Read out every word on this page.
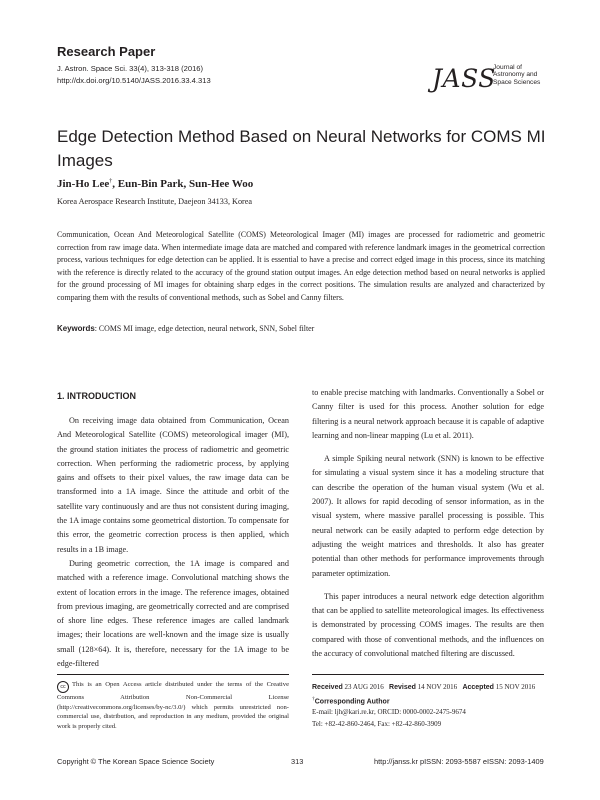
Research Paper
J. Astron. Space Sci. 33(4), 313-318 (2016)
http://dx.doi.org/10.5140/JASS.2016.33.4.313	JASS
Journal of
Astronomy and
Space Sciences
Edge Detection Method Based on Neural Networks for COMS MI Images
Jin-Ho Lee†, Eun-Bin Park, Sun-Hee Woo
Korea Aerospace Research Institute, Daejeon 34133, Korea
Communication, Ocean And Meteorological Satellite (COMS) Meteorological Imager (MI) images are processed for radiometric and geometric correction from raw image data. When intermediate image data are matched and compared with reference landmark images in the geometrical correction process, various techniques for edge detection can be applied. It is essential to have a precise and correct edged image in this process, since its matching with the reference is directly related to the accuracy of the ground station output images. An edge detection method based on neural networks is applied for the ground processing of MI images for obtaining sharp edges in the correct positions. The simulation results are analyzed and characterized by comparing them with the results of conventional methods, such as Sobel and Canny filters.
Keywords: COMS MI image, edge detection, neural network, SNN, Sobel filter
1. INTRODUCTION

On receiving image data obtained from Communication, Ocean And Meteorological Satellite (COMS) meteorological imager (MI), the ground station initiates the process of radiometric and geometric correction. When performing the radiometric process, by applying gains and offsets to their pixel values, the raw image data can be transformed into a 1A image. Since the attitude and orbit of the satellite vary continuously and are thus not consistent during imaging, the 1A image contains some geometrical distortion. To compensate for this error, the geometric correction process is then applied, which results in a 1B image.

During geometric correction, the 1A image is compared and matched with a reference image. Convolutional matching shows the extent of location errors in the image. The reference images, obtained from previous imaging, are geometrically corrected and are comprised of shore line edges. These reference images are called landmark images; their locations are well-known and the image size is usually small (128×64). It is, therefore, necessary for the 1A image to be edge-filtered

to enable precise matching with landmarks. Conventionally a Sobel or Canny filter is used for this process. Another solution for edge filtering is a neural network approach because it is capable of adaptive learning and non-linear mapping (Lu et al. 2011).

A simple Spiking neural network (SNN) is known to be effective for simulating a visual system since it has a modeling structure that can describe the operation of the human visual system (Wu et al. 2007). It allows for rapid decoding of sensor information, as in the visual system, where massive parallel processing is possible. This neural network can be easily adapted to perform edge detection by adjusting the weight matrices and thresholds. It also has greater potential than other methods for performance improvements through parameter optimization.

This paper introduces a neural network edge detection algorithm that can be applied to satellite meteorological images. Its effectiveness is demonstrated by processing COMS images. The results are then compared with those of conventional methods, and the influences on the accuracy of convolutional matched filtering are discussed.

cc This is an Open Access article distributed under the terms of the Creative Commons Attribution Non-Commercial License (http://creativecommons.org/licenses/by-nc/3.0/) which permits unrestricted non-commercial use, distribution, and reproduction in any medium, provided the original work is properly cited.
Received 23 AUG 2016 Revised 14 NOV 2016 Accepted 15 NOV 2016
†Corresponding Author
E-mail: ljh@kari.re.kr, ORCID: 0000-0002-2475-9674
Tel: +82-42-860-2464, Fax: +82-42-860-3909
Copyright © The Korean Space Science Society	313	http://janss.kr pISSN: 2093-5587 eISSN: 2093-1409
